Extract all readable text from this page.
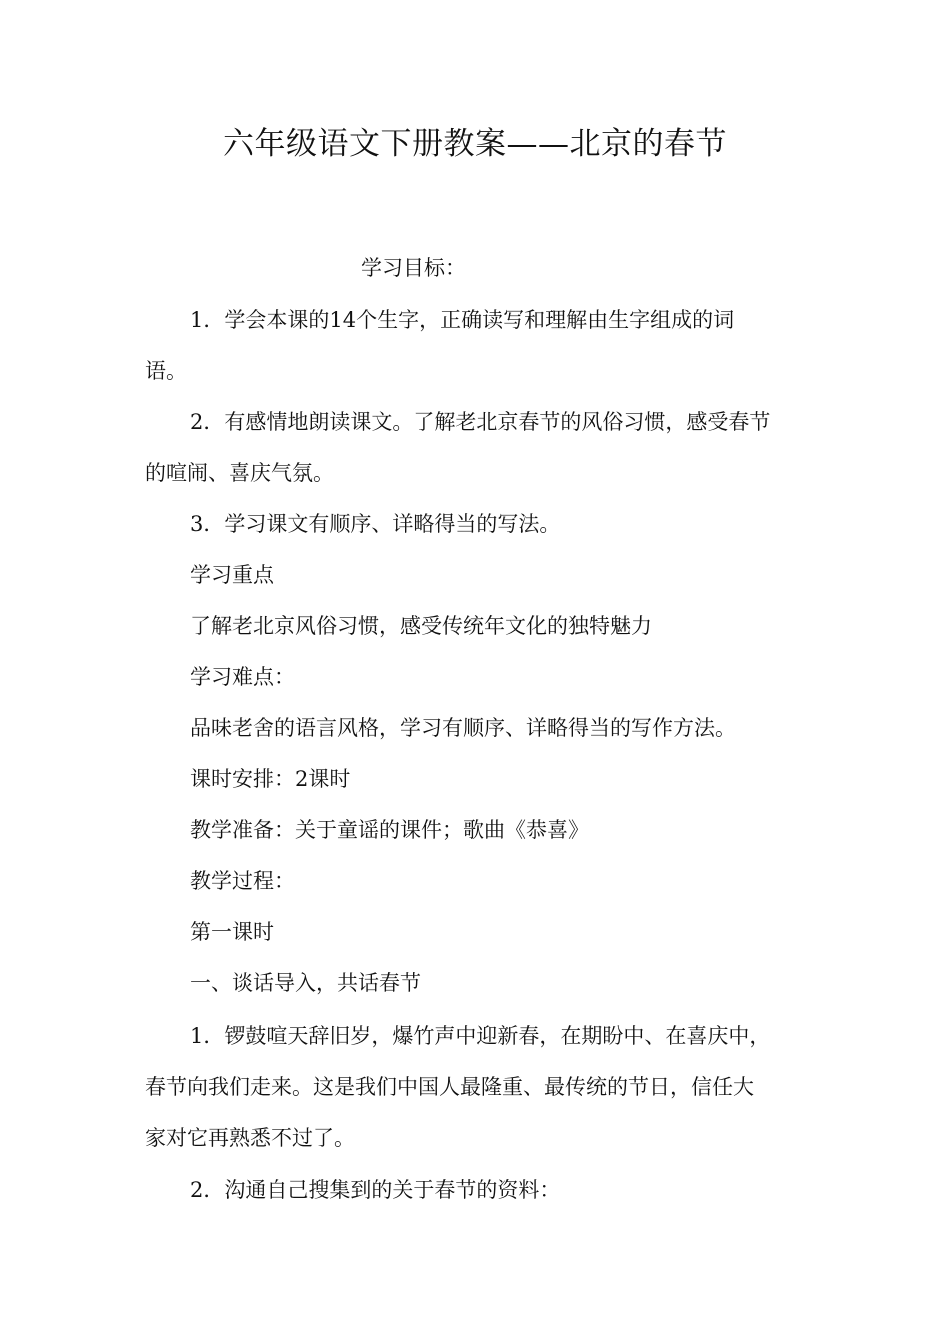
六年级语文下册教案——北京的春节
学习目标：
1．学会本课的14个生字，正确读写和理解由生字组成的词
语。
2．有感情地朗读课文。了解老北京春节的风俗习惯，感受春节
的喧闹、喜庆气氛。
3．学习课文有顺序、详略得当的写法。
学习重点
了解老北京风俗习惯，感受传统年文化的独特魅力
学习难点：
品味老舍的语言风格，学习有顺序、详略得当的写作方法。
课时安排：2课时
教学准备：关于童谣的课件；歌曲《恭喜》
教学过程：
第一课时
一、谈话导入，共话春节
1．锣鼓喧天辞旧岁，爆竹声中迎新春，在期盼中、在喜庆中，
春节向我们走来。这是我们中国人最隆重、最传统的节日，信任大
家对它再熟悉不过了。
2．沟通自己搜集到的关于春节的资料：
